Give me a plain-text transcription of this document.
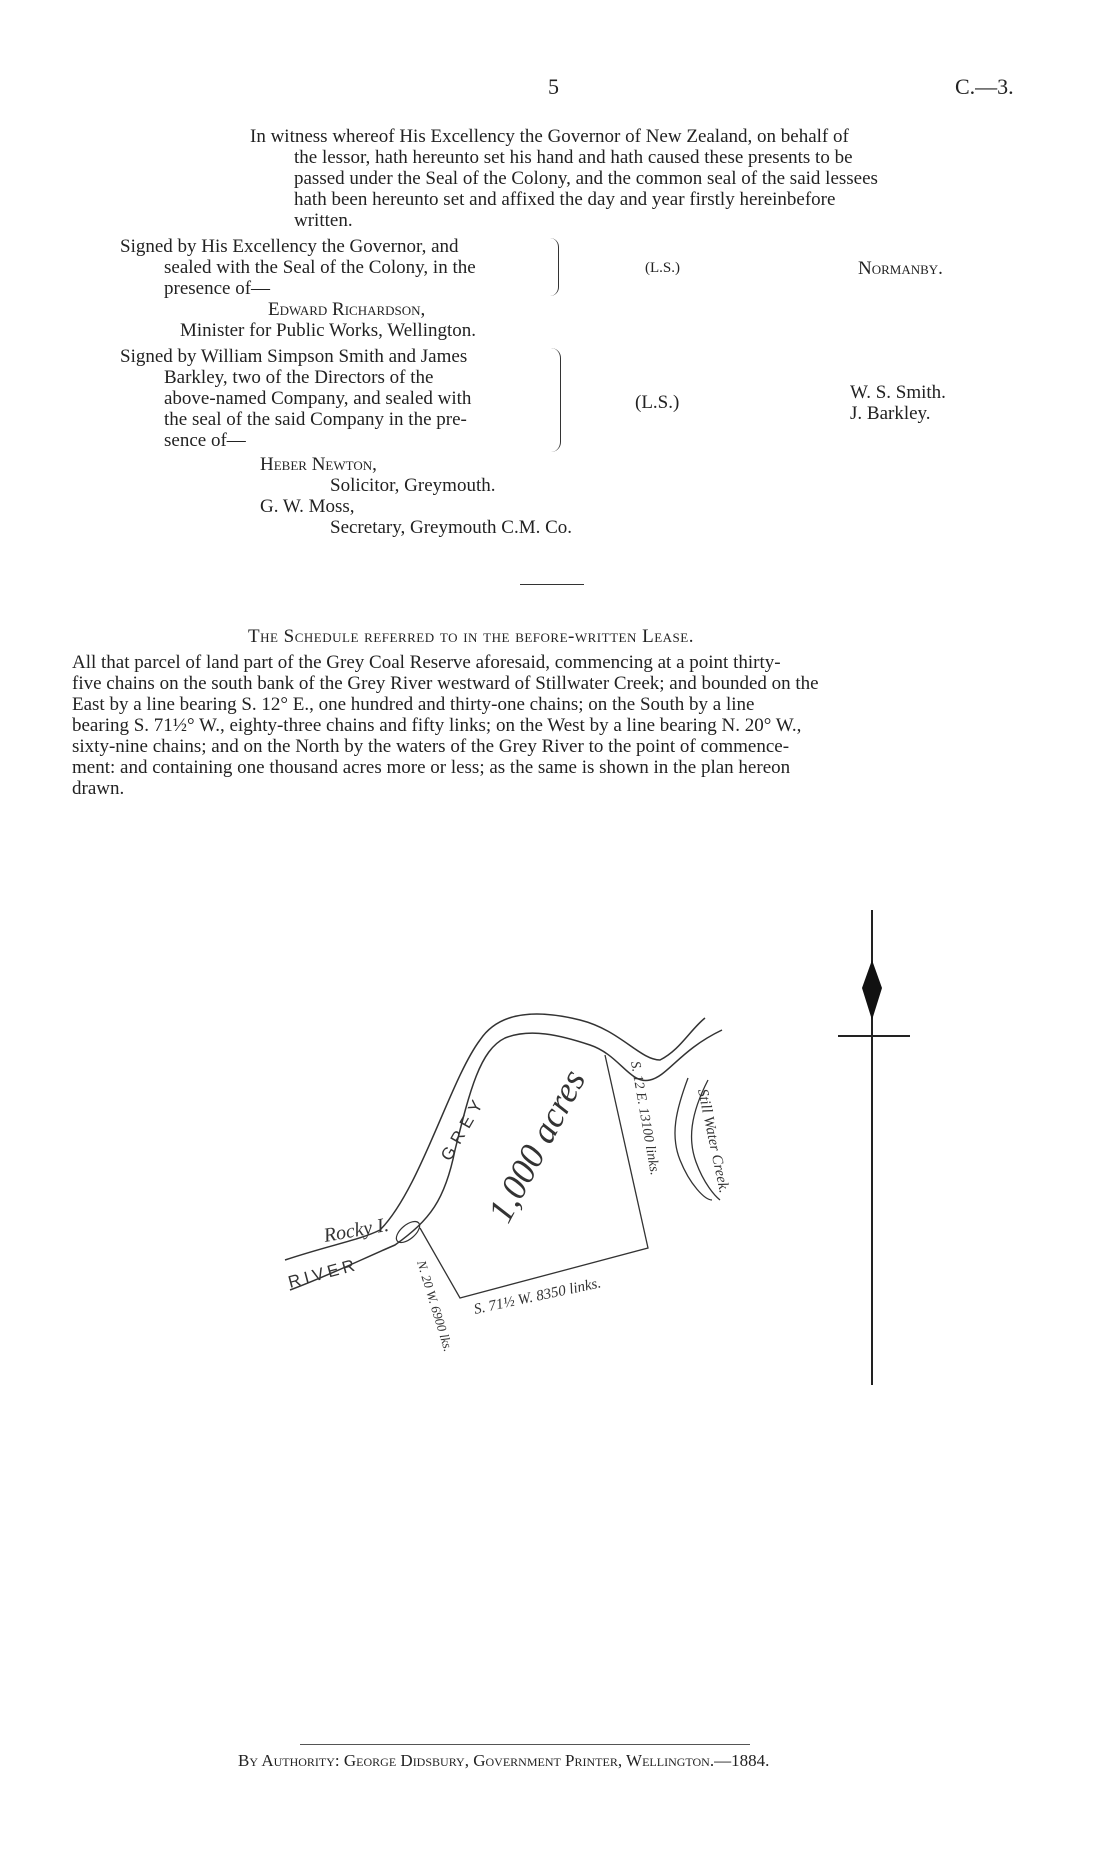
5	C.—3.
In witness whereof His Excellency the Governor of New Zealand, on behalf of
the lessor, hath hereunto set his hand and hath caused these presents to be
passed under the Seal of the Colony, and the common seal of the said lessees
hath been hereunto set and affixed the day and year firstly hereinbefore
written.
Signed by His Excellency the Governor, and
sealed with the Seal of the Colony, in the
presence of—
Edward Richardson,
Minister for Public Works, Wellington.
(L.S.)	Normanby.
Signed by William Simpson Smith and James
Barkley, two of the Directors of the
above-named Company, and sealed with
the seal of the said Company in the pre-
sence of—
Heber Newton,
Solicitor, Greymouth.
G. W. Moss,
Secretary, Greymouth C.M. Co.
(L.S.)	W. S. Smith.
J. Barkley.
The Schedule referred to in the before-written Lease.
All that parcel of land part of the Grey Coal Reserve aforesaid, commencing at a point thirty-
five chains on the south bank of the Grey River westward of Stillwater Creek; and bounded on the
East by a line bearing S. 12° E., one hundred and thirty-one chains; on the South by a line
bearing S. 71½° W., eighty-three chains and fifty links; on the West by a line bearing N. 20° W.,
sixty-nine chains; and on the North by the waters of the Grey River to the point of commence-
ment: and containing one thousand acres more or less; as the same is shown in the plan hereon
drawn.
1,000 acres S. 12 E. 13100 links.
S. 71½ W. 8350 links.
N. 20 W. 6900 lks.
Still Water Creek.
Rocky I.
GREY
RIVER
By Authority: George Didsbury, Government Printer, Wellington.—1884.
